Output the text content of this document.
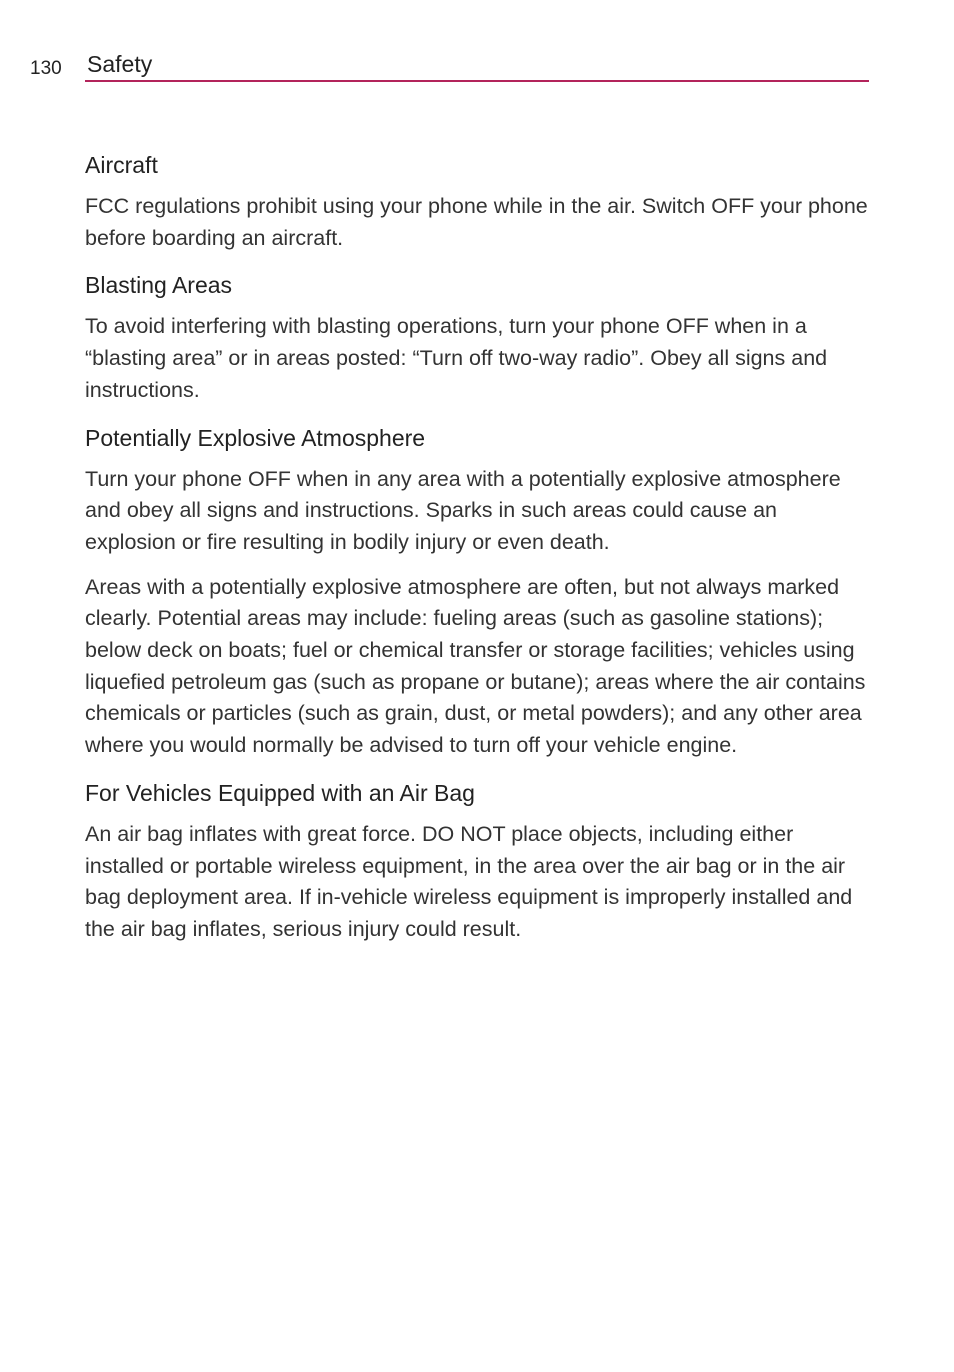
130 Safety
Aircraft

FCC regulations prohibit using your phone while in the air. Switch OFF your phone before boarding an aircraft.

Blasting Areas

To avoid interfering with blasting operations, turn your phone OFF when in a “blasting area” or in areas posted: “Turn off two-way radio”. Obey all signs and instructions.

Potentially Explosive Atmosphere

Turn your phone OFF when in any area with a potentially explosive atmosphere and obey all signs and instructions. Sparks in such areas could cause an explosion or fire resulting in bodily injury or even death.

Areas with a potentially explosive atmosphere are often, but not always marked clearly. Potential areas may include: fueling areas (such as gasoline stations); below deck on boats; fuel or chemical transfer or storage facilities; vehicles using liquefied petroleum gas (such as propane or butane); areas where the air contains chemicals or particles (such as grain, dust, or metal powders); and any other area where you would normally be advised to turn off your vehicle engine.

For Vehicles Equipped with an Air Bag

An air bag inflates with great force. DO NOT place objects, including either installed or portable wireless equipment, in the area over the air bag or in the air bag deployment area. If in-vehicle wireless equipment is improperly installed and the air bag inflates, serious injury could result.
